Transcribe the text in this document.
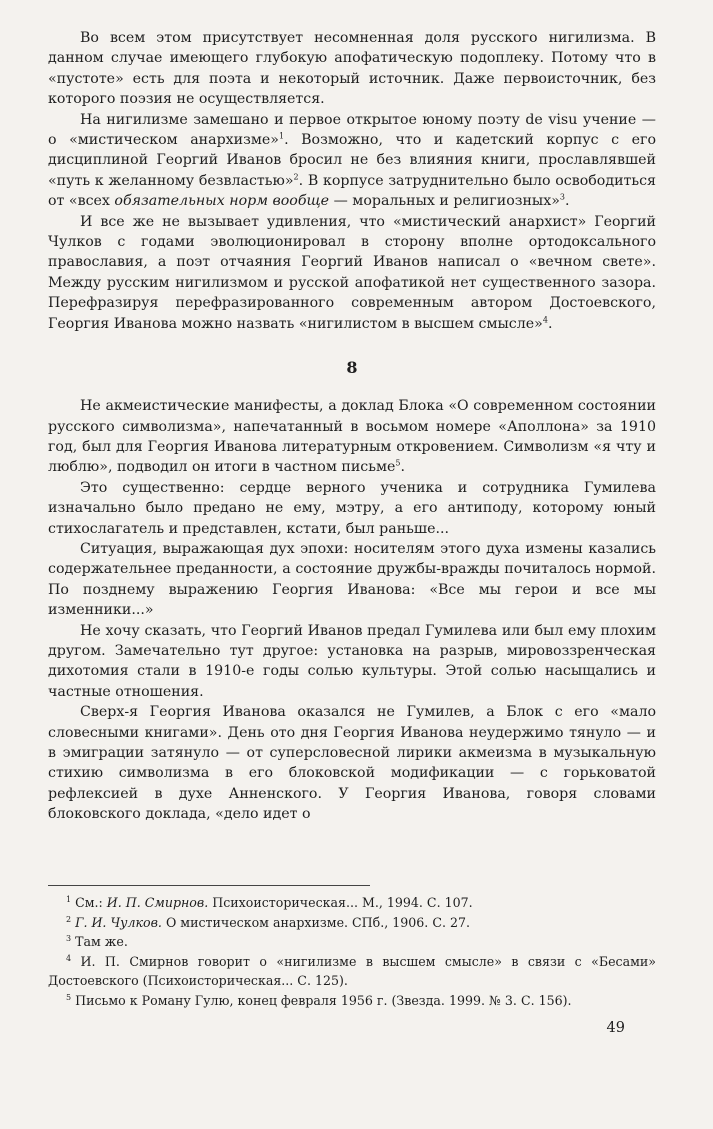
Во всем этом присутствует несомненная доля русского нигилизма. В данном случае имеющего глубокую апофатическую подоплеку. Потому что в «пустоте» есть для поэта и некоторый источник. Даже первоисточник, без которого поэзия не осуществляется.

На нигилизме замешано и первое открытое юному поэту de visu учение — о «мистическом анархизме»$^1$. Возможно, что и кадетский корпус с его дисциплиной Георгий Иванов бросил не без влияния книги, прославлявшей «путь к желанному безвластью»$^2$. В корпусе затруднительно было освободиться от «всех обязательных норм вообще — моральных и религиозных»$^3$.

И все же не вызывает удивления, что «мистический анархист» Георгий Чулков с годами эволюционировал в сторону вполне ортодоксального православия, а поэт отчаяния Георгий Иванов написал о «вечном свете». Между русским нигилизмом и русской апофатикой нет существенного зазора. Перефразируя перефразированного современным автором Достоевского, Георгия Иванова можно назвать «нигилистом в высшем смысле»$^4$.

8

Не акмеистические манифесты, а доклад Блока «О современном состоянии русского символизма», напечатанный в восьмом номере «Аполлона» за 1910 год, был для Георгия Иванова литературным откровением. Символизм «я чту и люблю», подводил он итоги в частном письме$^5$.

Это существенно: сердце верного ученика и сотрудника Гумилева изначально было предано не ему, мэтру, а его антиподу, которому юный стихослагатель и представлен, кстати, был раньше...

Ситуация, выражающая дух эпохи: носителям этого духа измены казались содержательнее преданности, а состояние дружбы-вражды почиталось нормой. По позднему выражению Георгия Иванова: «Все мы герои и все мы изменники...»

Не хочу сказать, что Георгий Иванов предал Гумилева или был ему плохим другом. Замечательно тут другое: установка на разрыв, мировоззренческая дихотомия стали в 1910-е годы солью культуры. Этой солью насыщались и частные отношения.

Сверх-я Георгия Иванова оказался не Гумилев, а Блок с его «мало словесными книгами». День ото дня Георгия Иванова неудержимо тянуло — и в эмиграции затянуло — от суперсловесной лирики акмеизма в музыкальную стихию символизма в его блоковской модификации — с горьковатой рефлексией в духе Анненского. У Георгия Иванова, говоря словами блоковского доклада, «дело идет о

$^1$ См.: И. П. Смирнов. Психоисторическая... М., 1994. С. 107.

$^2$ Г. И. Чулков. О мистическом анархизме. СПб., 1906. С. 27.

$^3$ Там же.

$^4$ И. П. Смирнов говорит о «нигилизме в высшем смысле» в связи с «Бесами» Достоевского (Психоисторическая... С. 125).

$^5$ Письмо к Роману Гулю, конец февраля 1956 г. (Звезда. 1999. № 3. С. 156).

49
